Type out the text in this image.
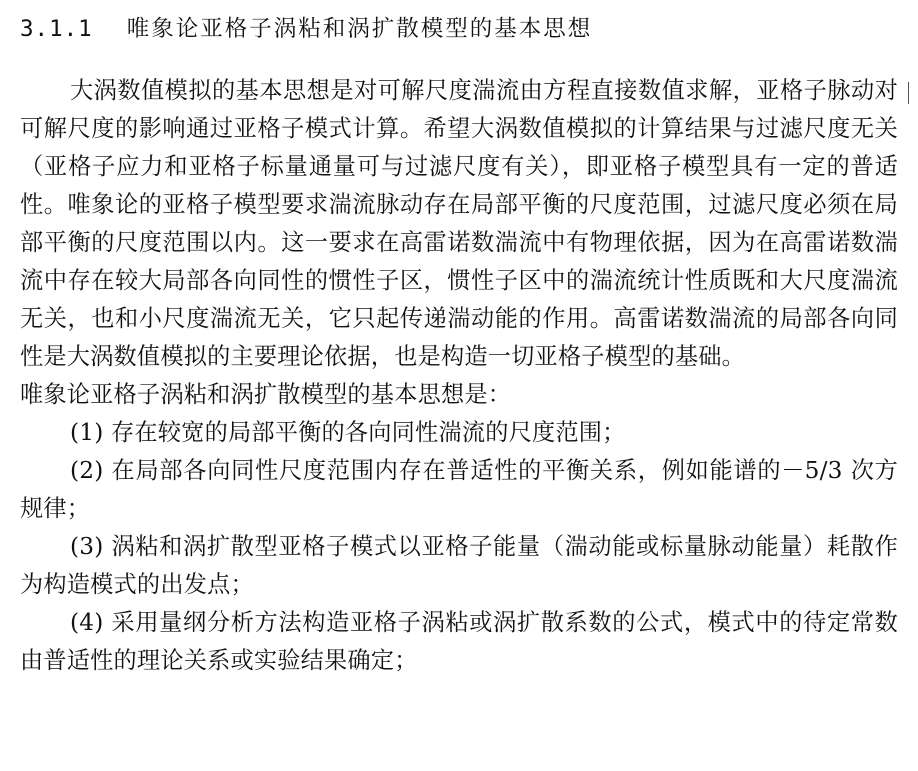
3.1.1 唯象论亚格子涡粘和涡扩散模型的基本思想

大涡数值模拟的基本思想是对可解尺度湍流由方程直接数值求解，亚格子脉动对可解尺度的影响通过亚格子模式计算。希望大涡数值模拟的计算结果与过滤尺度无关（亚格子应力和亚格子标量通量可与过滤尺度有关），即亚格子模型具有一定的普适性。唯象论的亚格子模型要求湍流脉动存在局部平衡的尺度范围，过滤尺度必须在局部平衡的尺度范围以内。这一要求在高雷诺数湍流中有物理依据，因为在高雷诺数湍流中存在较大局部各向同性的惯性子区，惯性子区中的湍流统计性质既和大尺度湍流无关，也和小尺度湍流无关，它只起传递湍动能的作用。高雷诺数湍流的局部各向同性是大涡数值模拟的主要理论依据，也是构造一切亚格子模型的基础。

唯象论亚格子涡粘和涡扩散模型的基本思想是：

(1) 存在较宽的局部平衡的各向同性湍流的尺度范围；

(2) 在局部各向同性尺度范围内存在普适性的平衡关系，例如能谱的－5/3 次方规律；

(3) 涡粘和涡扩散型亚格子模式以亚格子能量（湍动能或标量脉动能量）耗散作为构造模式的出发点；

(4) 采用量纲分析方法构造亚格子涡粘或涡扩散系数的公式，模式中的待定常数由普适性的理论关系或实验结果确定；
